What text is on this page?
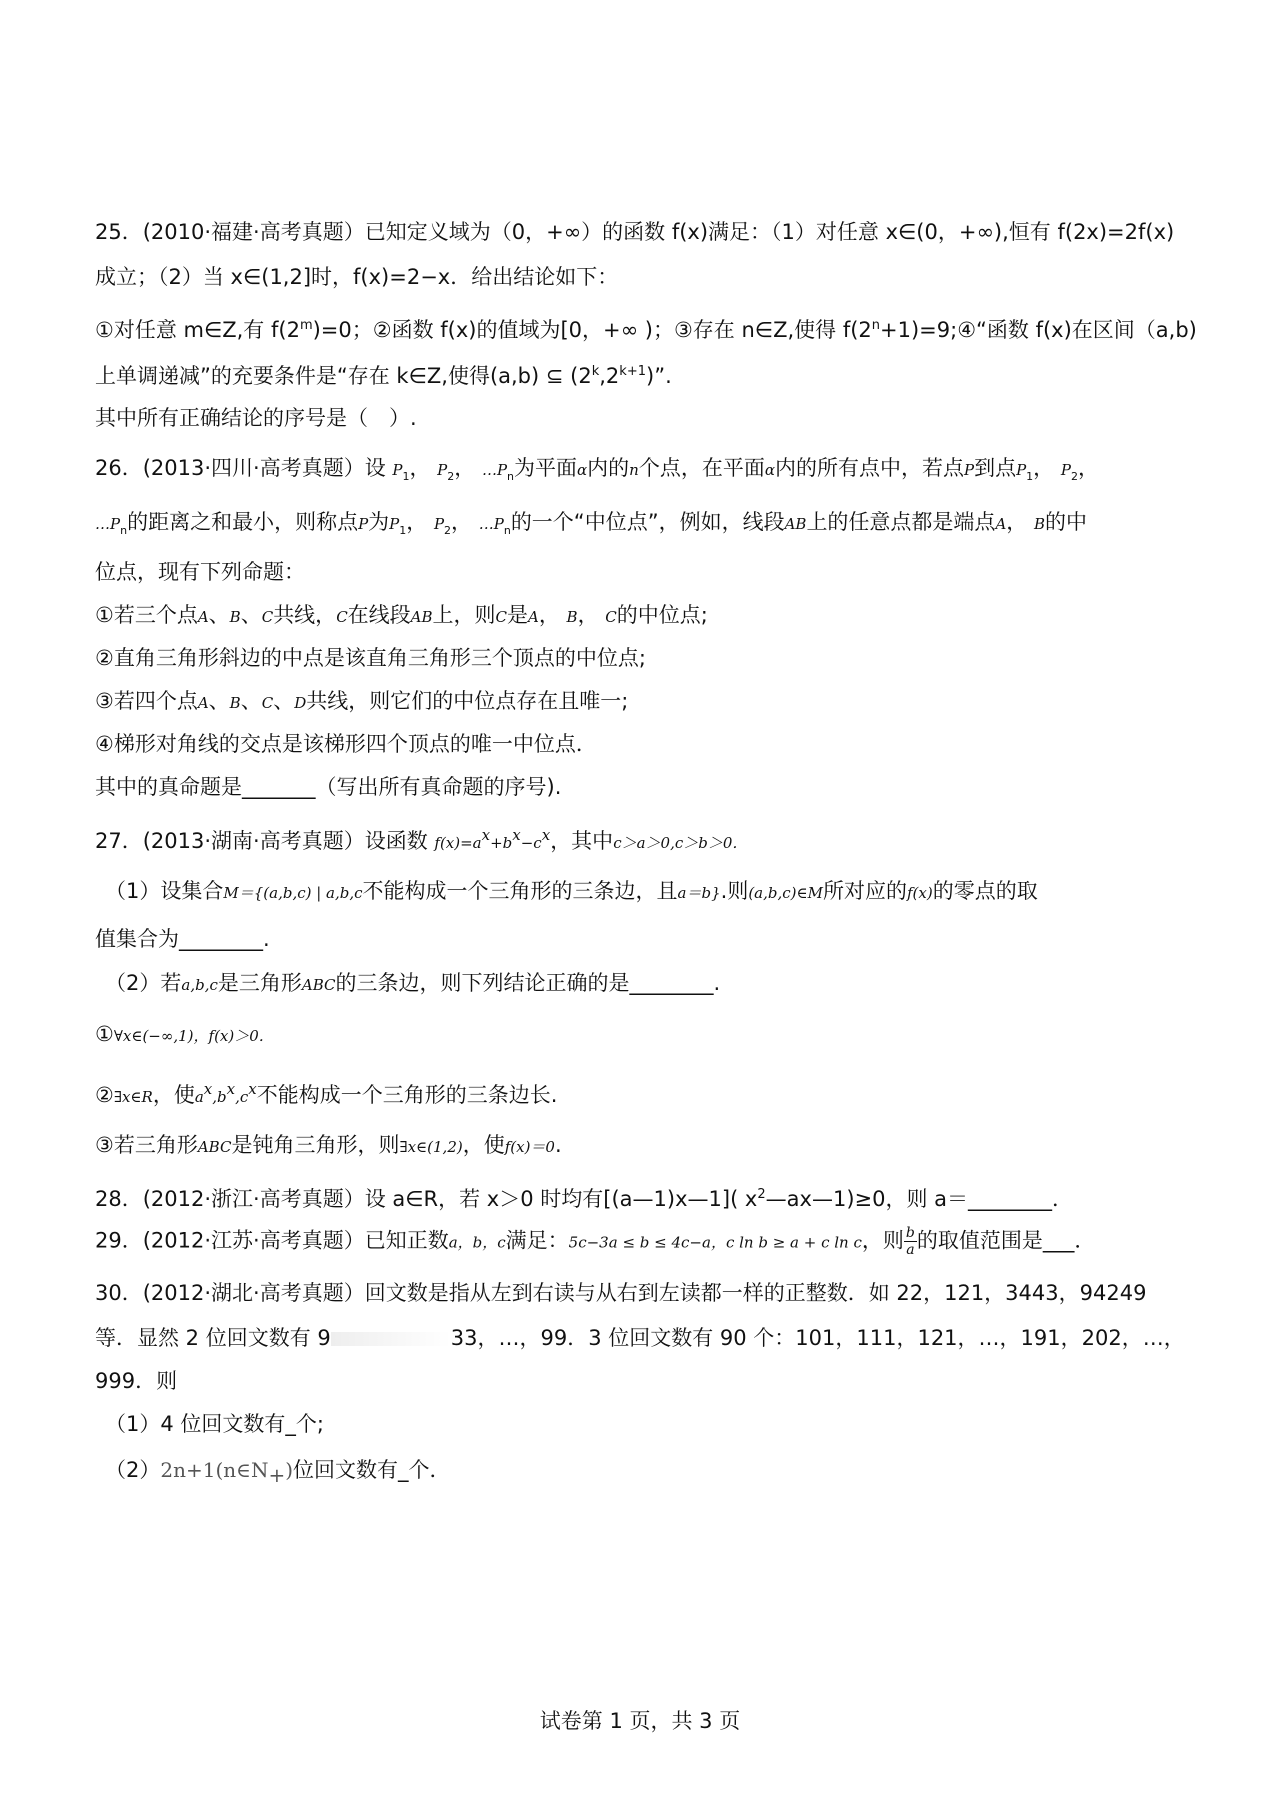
25．(2010·福建·高考真题）已知定义域为（0，+∞）的函数 f(x)满足：（1）对任意 x∈(0，+∞),恒有 f(2x)=2f(x)
成立；（2）当 x∈(1,2]时，f(x)=2−x．给出结论如下：
①对任意 m∈Z,有 $f(2^m)=0$；②函数 f(x)的值域为[0，+∞ )；③存在 n∈Z,使得 $f(2^n+1)=9;④“$函数 f(x)在区间（a,b)
上单调递减”的充要条件是“存在 k∈Z,使得(a,b) ⊆ $(2^k,2^{k+1})$”.
其中所有正确结论的序号是（　）.
26．(2013·四川·高考真题）设 $P_1$， $P_2$， $\dots P_n$为平面α内的n个点，在平面α内的所有点中，若点P到点$P_1$， $P_2$，
$\dots P_n$的距离之和最小，则称点P为$P_1$， $P_2$， $\dots P_n$的一个“中位点”，例如，线段AB上的任意点都是端点A， B的中
位点，现有下列命题：
①若三个点A、B、C共线，C在线段AB上，则C是A， B， C的中位点;
②直角三角形斜边的中点是该直角三角形三个顶点的中位点;
③若四个点A、B、C、D共线，则它们的中位点存在且唯一;
④梯形对角线的交点是该梯形四个顶点的唯一中位点．
其中的真命题是_______（写出所有真命题的序号).
27．(2013·湖南·高考真题）设函数 $f(x)=a^x+b^x-c^x$，其中c＞a＞0,c＞b＞0．
（1）设集合M＝{(a,b,c) | a,b,c不能构成一个三角形的三条边，且a＝b}.则(a,b,c)∈M所对应的f(x)的零点的取
值集合为________.
（2）若a,b,c是三角形ABC的三条边，则下列结论正确的是________.
①∀x∈(−∞,1)，f(x)＞0．
②∃x∈R，使$a^x,b^x,c^x$不能构成一个三角形的三条边长.
③若三角形ABC是钝角三角形，则∃x∈(1,2)，使f(x)＝0.
28．(2012·浙江·高考真题）设 a∈R，若 x＞0 时均有[(a—1)x—1]( $x^2—ax—1)\ge 0$，则 a＝________．
29．(2012·江苏·高考真题）已知正数a，b，c满足：5c−3a ≤ b ≤ 4c−a，c ln b ≥ a + c ln c，则 $\frac{b}{a}$ 的取值范围是___．
30．(2012·湖北·高考真题）回文数是指从左到右读与从右到左读都一样的正整数．如 22，121，3443，94249
等．显然 2 位回文数有 9	33，…，99．3 位回文数有 90 个：101，111，121，…，191，202，…，
999．则
（1）4 位回文数有_个;
$(2)2n+1(n\in N_+)$位回文数有_个．
试卷第 1 页，共 3 页
